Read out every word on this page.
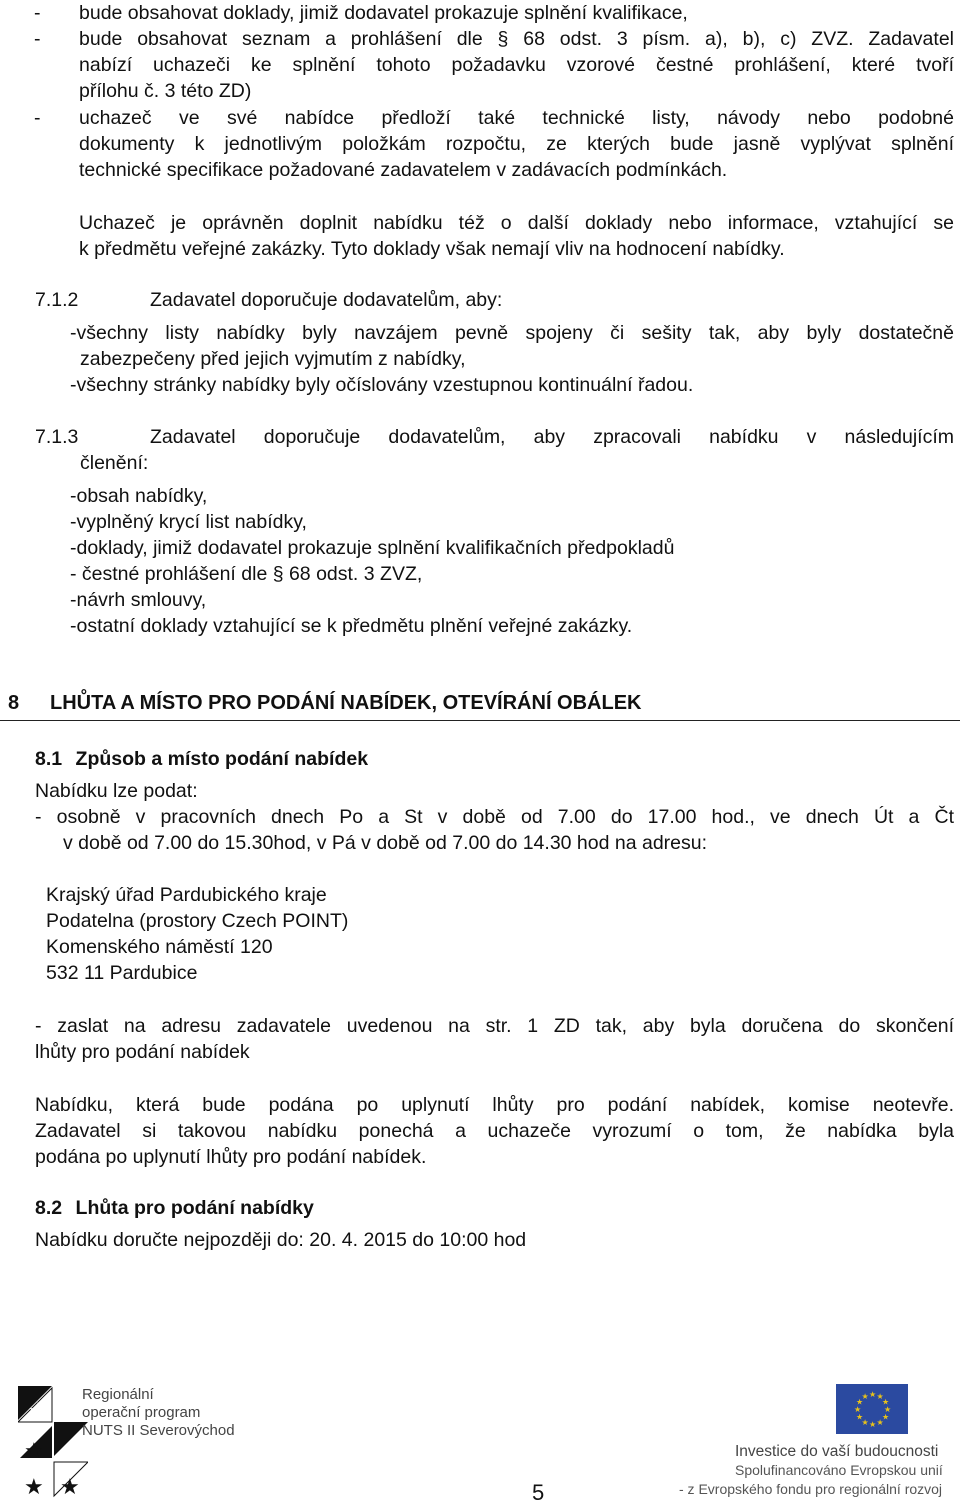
- bude obsahovat doklady, jimiž dodavatel prokazuje splnění kvalifikace,
- bude obsahovat seznam a prohlášení dle § 68 odst. 3 písm. a), b), c) ZVZ. Zadavatel
nabízí uchazeči ke splnění tohoto požadavku vzorové čestné prohlášení, které tvoří
přílohu č. 3 této ZD)
- uchazeč ve své nabídce předloží také technické listy, návody nebo podobné
dokumenty k jednotlivým položkám rozpočtu, ze kterých bude jasně vyplývat splnění
technické specifikace požadované zadavatelem v zadávacích podmínkách.
Uchazeč je oprávněn doplnit nabídku též o další doklady nebo informace, vztahující se
k předmětu veřejné zakázky. Tyto doklady však nemají vliv na hodnocení nabídky.
7.1.2	Zadavatel doporučuje dodavatelům, aby:
-všechny listy nabídky byly navzájem pevně spojeny či sešity tak, aby byly dostatečně
zabezpečeny před jejich vyjmutím z nabídky,
-všechny stránky nabídky byly očíslovány vzestupnou kontinuální řadou.
7.1.3	Zadavatel doporučuje dodavatelům, aby zpracovali nabídku v následujícím
členění:
-obsah nabídky,
-vyplněný krycí list nabídky,
-doklady, jimiž dodavatel prokazuje splnění kvalifikačních předpokladů
- čestné prohlášení dle § 68 odst. 3 ZVZ,
-návrh smlouvy,
-ostatní doklady vztahující se k předmětu plnění veřejné zakázky.
8 LHŮTA A MÍSTO PRO PODÁNÍ NABÍDEK, OTEVÍRÁNÍ OBÁLEK
8.1 Způsob a místo podání nabídek
Nabídku lze podat:
- osobně v pracovních dnech Po a St v době od 7.00 do 17.00 hod., ve dnech Út a Čt
v době od 7.00 do 15.30hod, v Pá v době od 7.00 do 14.30 hod na adresu:
Krajský úřad Pardubického kraje
Podatelna (prostory Czech POINT)
Komenského náměstí 120
532 11 Pardubice
- zaslat na adresu zadavatele uvedenou na str. 1 ZD tak, aby byla doručena do skončení
lhůty pro podání nabídek
Nabídku, která bude podána po uplynutí lhůty pro podání nabídek, komise neotevře.
Zadavatel si takovou nabídku ponechá a uchazeče vyrozumí o tom, že nabídka byla
podána po uplynutí lhůty pro podání nabídek.
8.2 Lhůta pro podání nabídky
Nabídku doručte nejpozději do: 20. 4. 2015 do 10:00 hod
★
★
★
★
Regionální
operační program
NUTS II Severovýchod
5
★
★
★
★
★
★
★
★
★ ★ ★
★
Investice do vaší budoucnosti
Spolufinancováno Evropskou unií
- z Evropského fondu pro regionální rozvoj
